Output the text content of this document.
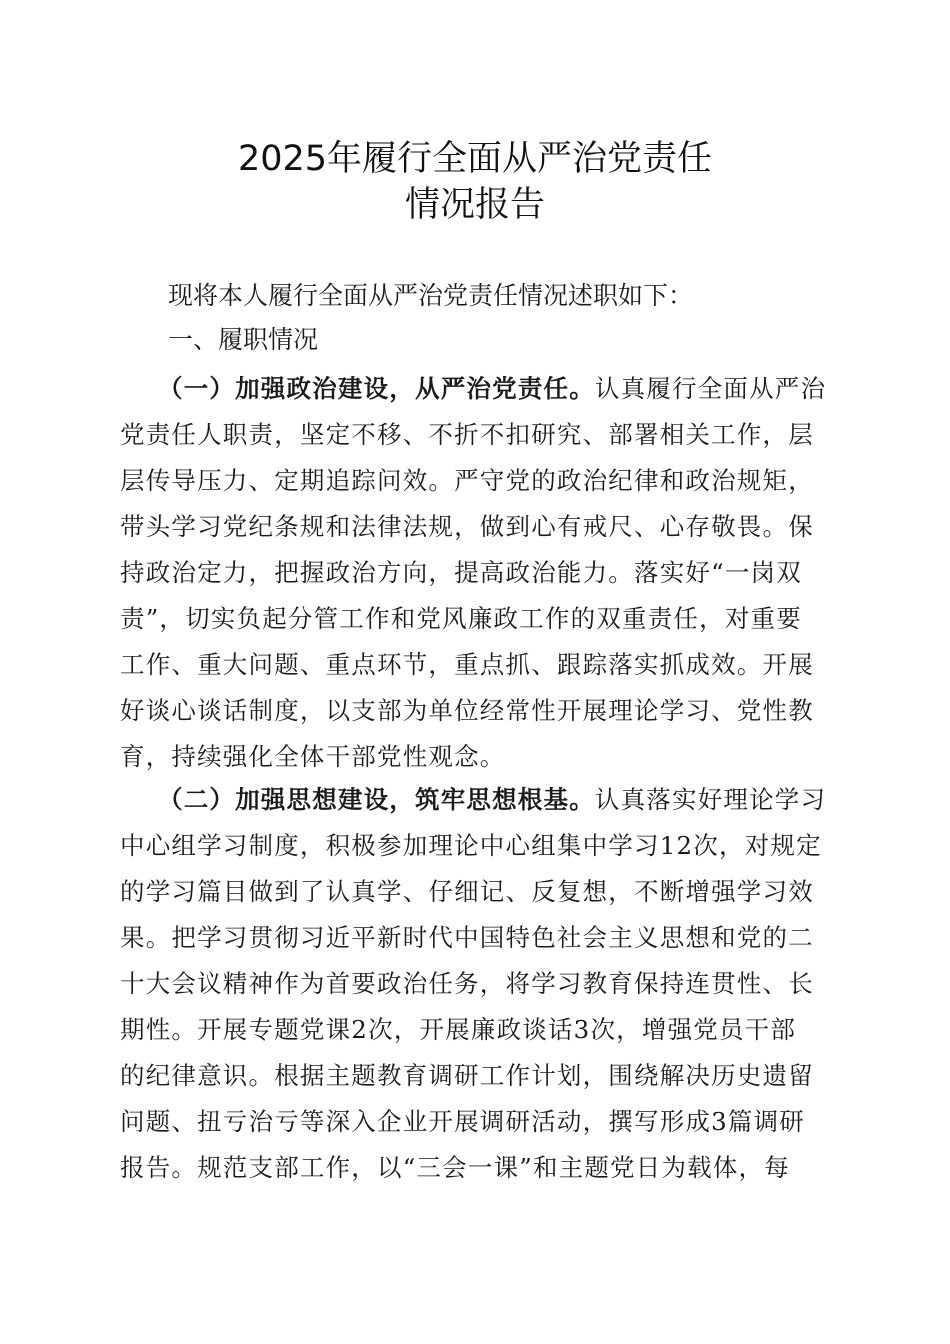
2025年履行全面从严治党责任
情况报告
现将本人履行全面从严治党责任情况述职如下：
一、履职情况
（一）加强政治建设，从严治党责任。认真履行全面从严治
党责任人职责，坚定不移、不折不扣研究、部署相关工作，层
层传导压力、定期追踪问效。严守党的政治纪律和政治规矩，
带头学习党纪条规和法律法规，做到心有戒尺、心存敬畏。保
持政治定力，把握政治方向，提高政治能力。落实好“一岗双
责”，切实负起分管工作和党风廉政工作的双重责任，对重要
工作、重大问题、重点环节，重点抓、跟踪落实抓成效。开展
好谈心谈话制度，以支部为单位经常性开展理论学习、党性教
育，持续强化全体干部党性观念。
（二）加强思想建设，筑牢思想根基。认真落实好理论学习
中心组学习制度，积极参加理论中心组集中学习12次，对规定
的学习篇目做到了认真学、仔细记、反复想，不断增强学习效
果。把学习贯彻习近平新时代中国特色社会主义思想和党的二
十大会议精神作为首要政治任务，将学习教育保持连贯性、长
期性。开展专题党课2次，开展廉政谈话3次，增强党员干部
的纪律意识。根据主题教育调研工作计划，围绕解决历史遗留
问题、扭亏治亏等深入企业开展调研活动，撰写形成3篇调研
报告。规范支部工作，以“三会一课”和主题党日为载体，每
